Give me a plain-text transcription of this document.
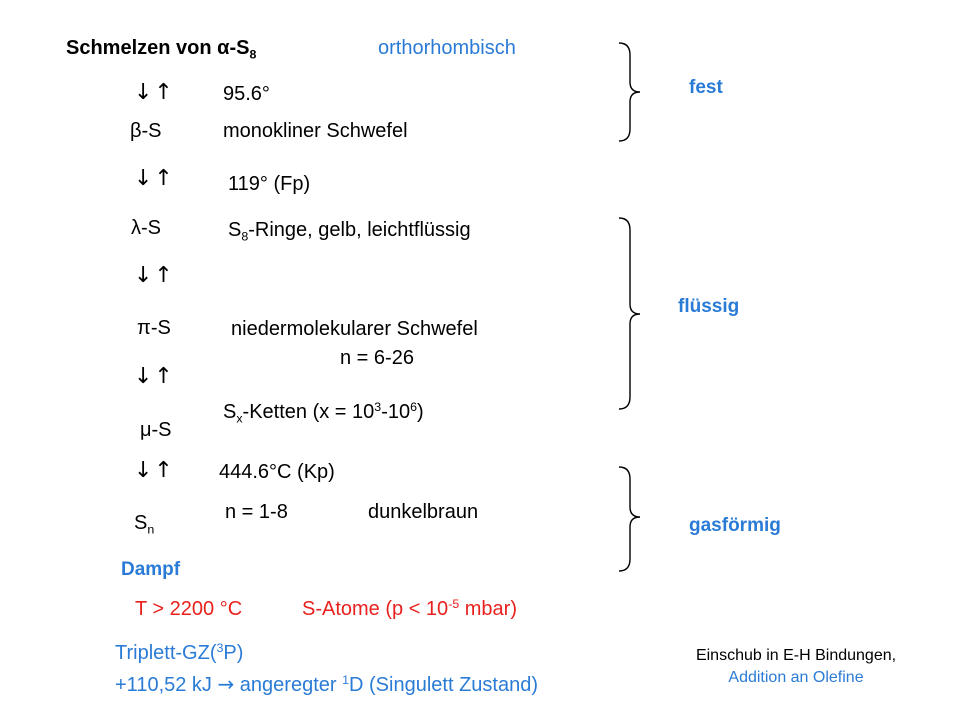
Schmelzen von $\alpha-S_8$	orthorhombisch
↓↑ 95.6°
β-S	monokliner Schwefel
↓↑	119° (Fp)
λ-S	$S_8$-Ringe, gelb, leichtflüssig
↓↑
π-S	niedermolekularer Schwefel
n = 6-26
↓↑
$S_x$-Ketten $(x = 10^3-10^6)$
μ-S
↓↑ 444.6°C (Kp)
n = 1-8	dunkelbraun
$S_n$
Dampf
T > 2200 °C	S-Atome ($p < 10^{-5}$ mbar)
Triplett-GZ($^3$P)
+110,52 kJ → angeregter $^1$D (Singulett Zustand)
Einschub in E-H Bindungen,
Addition an Olefine
fest
flüssig
gasförmig
